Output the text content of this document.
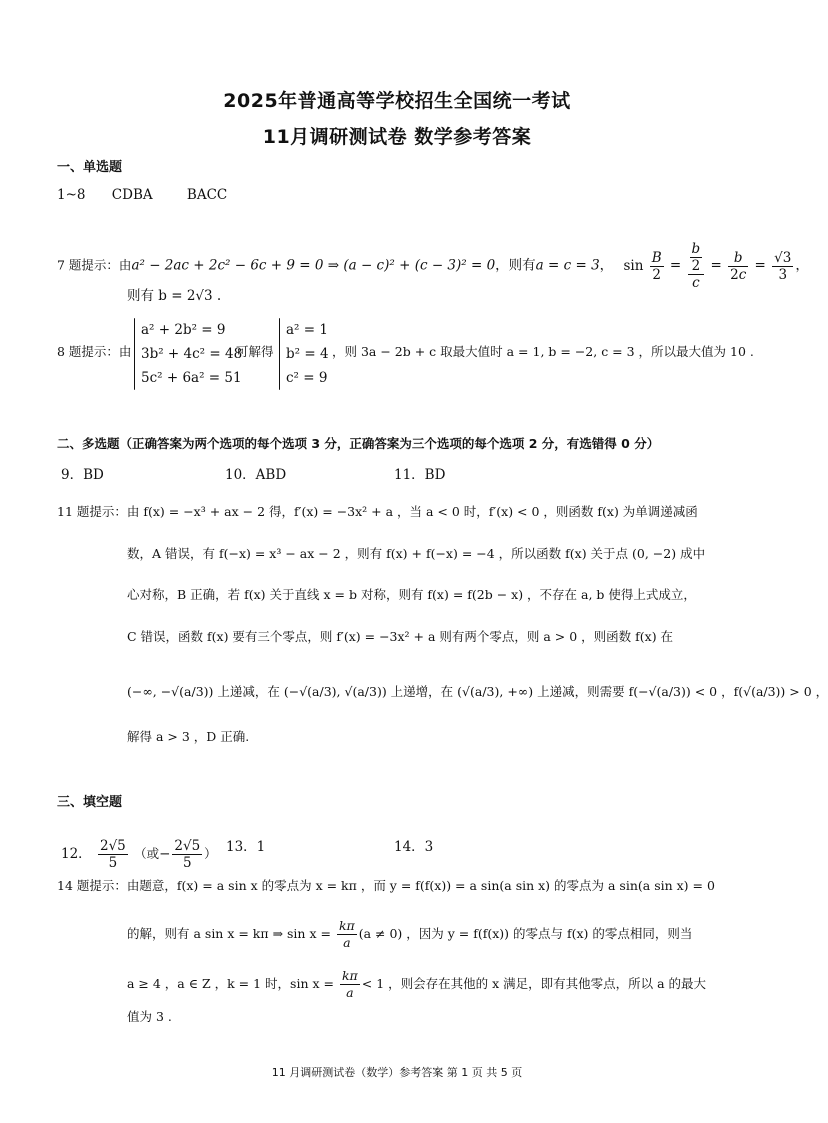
2025年普通高等学校招生全国统一考试
11月调研测试卷 数学参考答案
一、单选题
1~8 CDBA	BACC
7 题提示：由a² − 2ac + 2c² − 6c + 9 = 0 ⇒ (a − c)² + (c − 3)² = 0，则有a = c = 3， $\sin \frac{B}{2} = \frac{\frac{b}{2}}{c} = \frac{b}{2c} = \frac{√3}{3}$ ，
则有 b = 2√3 .
8 题提示：由
a² + 2b² = 9
3b² + 4c² = 48
5c² + 6a² = 51
可解得
a² = 1
b² = 4
c² = 9
，则 3a − 2b + c 取最大值时 a = 1, b = −2, c = 3 ，所以最大值为 10 .
二、多选题（正确答案为两个选项的每个选项 3 分，正确答案为三个选项的每个选项 2 分，有选错得 0 分）
9．BD	10．ABD	11．BD
11 题提示：由 f(x) = −x³ + ax − 2 得，f′(x) = −3x² + a ，当 a < 0 时，f′(x) < 0 ，则函数 f(x) 为单调递减函
数，A 错误，有 f(−x) = x³ − ax − 2 ，则有 f(x) + f(−x) = −4 ，所以函数 f(x) 关于点 (0, −2) 成中
心对称，B 正确，若 f(x) 关于直线 x = b 对称，则有 f(x) = f(2b − x) ，不存在 a, b 使得上式成立，
C 错误，函数 f(x) 要有三个零点，则 f′(x) = −3x² + a 则有两个零点，则 a > 0 ，则函数 f(x) 在
(−∞, −√(a/3)) 上递减，在 (−√(a/3), √(a/3)) 上递增，在 (√(a/3), +∞) 上递减，则需要 f(−√(a/3)) < 0 ，f(√(a/3)) > 0 ，
解得 a > 3 ，D 正确.
三、填空题
12． $\frac{2√5}{5}$ （或− $\frac{2√5}{5}$ ） 13．1	14．3
14 题提示：由题意，f(x) = a sin x 的零点为 x = kπ ，而 y = f(f(x)) = a sin(a sin x) 的零点为 a sin(a sin x) = 0
的解，则有 a sin x = kπ ⇒ $\sin x = \frac{k\pi}{a} (a \ne 0)$ ，因为 y = f(f(x)) 的零点与 f(x) 的零点相同，则当
a ≥ 4 ，a ∈ Z ，k = 1 时，$\sin x = \frac{k\pi}{a} < 1$ ，则会存在其他的 x 满足，即有其他零点，所以 a 的最大
值为 3 .
11 月调研测试卷（数学）参考答案 第 1 页 共 5 页
